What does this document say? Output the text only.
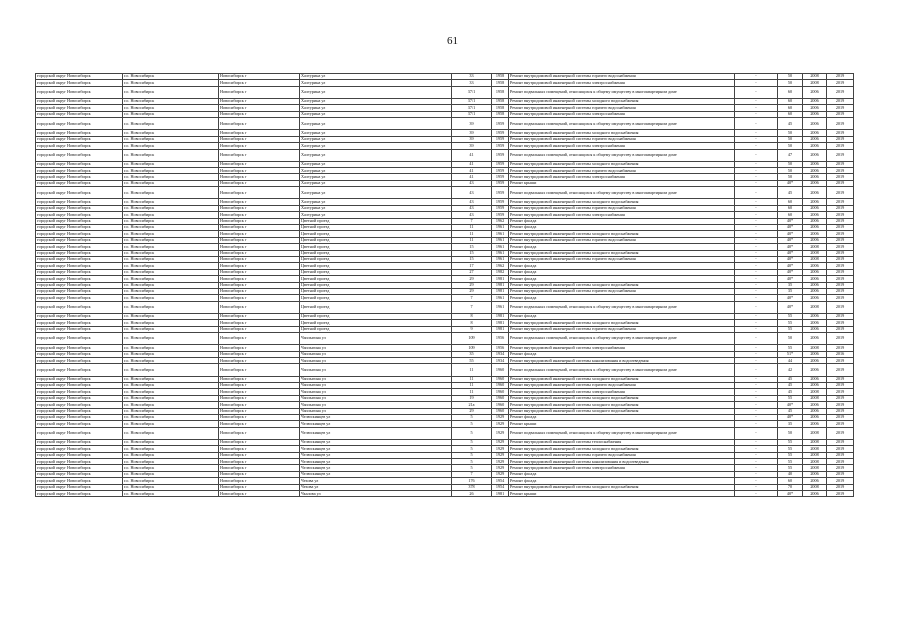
61
городской округ Новосибирск	г.о. Новосибирск	Новосибирск г	Халтурина ул	33	1958	Ремонт внутридомовой инженерной системы горячего водоснабжения	-	50	2008	2019
городской округ Новосибирск	г.о. Новосибирск	Новосибирск г	Халтурина ул	33	1958	Ремонт внутридомовой инженерной системы электроснабжения	-	50	2008	2019
городской округ Новосибирск	г.о. Новосибирск	Новосибирск г	Халтурина ул	37/1	1958	Ремонт подвальных помещений, относящихся к общему имуществу в многоквартирном доме	-	60	2006	2019
городской округ Новосибирск	г.о. Новосибирск	Новосибирск г	Халтурина ул	37/1	1958	Ремонт внутридомовой инженерной системы холодного водоснабжения	-	60	2006	2019
городской округ Новосибирск	г.о. Новосибирск	Новосибирск г	Халтурина ул	37/1	1958	Ремонт внутридомовой инженерной системы горячего водоснабжения	-	60	2006	2019
городской округ Новосибирск	г.о. Новосибирск	Новосибирск г	Халтурина ул	37/1	1958	Ремонт внутридомовой инженерной системы электроснабжения	-	60	2006	2019
городской округ Новосибирск	г.о. Новосибирск	Новосибирск г	Халтурина ул	39	1959	Ремонт подвальных помещений, относящихся к общему имуществу в многоквартирном доме	-	45	2006	2019
городской округ Новосибирск	г.о. Новосибирск	Новосибирск г	Халтурина ул	39	1959	Ремонт внутридомовой инженерной системы холодного водоснабжения	-	50	2006	2019
городской округ Новосибирск	г.о. Новосибирск	Новосибирск г	Халтурина ул	39	1959	Ремонт внутридомовой инженерной системы горячего водоснабжения	-	50	2006	2019
городской округ Новосибирск	г.о. Новосибирск	Новосибирск г	Халтурина ул	39	1959	Ремонт внутридомовой инженерной системы электроснабжения	-	50	2006	2019
городской округ Новосибирск	г.о. Новосибирск	Новосибирск г	Халтурина ул	41	1959	Ремонт подвальных помещений, относящихся к общему имуществу в многоквартирном доме	-	47	2006	2019
городской округ Новосибирск	г.о. Новосибирск	Новосибирск г	Халтурина ул	41	1959	Ремонт внутридомовой инженерной системы холодного водоснабжения	-	50	2006	2019
городской округ Новосибирск	г.о. Новосибирск	Новосибирск г	Халтурина ул	41	1959	Ремонт внутридомовой инженерной системы горячего водоснабжения	-	50	2006	2019
городской округ Новосибирск	г.о. Новосибирск	Новосибирск г	Халтурина ул	41	1959	Ремонт внутридомовой инженерной системы электроснабжения	-	50	2006	2019
городской округ Новосибирск	г.о. Новосибирск	Новосибирск г	Халтурина ул	43	1959	Ремонт крыши	-	40*	2006	2019
городской округ Новосибирск	г.о. Новосибирск	Новосибирск г	Халтурина ул	43	1959	Ремонт подвальных помещений, относящихся к общему имуществу в многоквартирном доме	-	45	2006	2019
городской округ Новосибирск	г.о. Новосибирск	Новосибирск г	Халтурина ул	43	1959	Ремонт внутридомовой инженерной системы холодного водоснабжения	-	60	2006	2019
городской округ Новосибирск	г.о. Новосибирск	Новосибирск г	Халтурина ул	43	1959	Ремонт внутридомовой инженерной системы горячего водоснабжения	-	60	2006	2019
городской округ Новосибирск	г.о. Новосибирск	Новосибирск г	Халтурина ул	43	1959	Ремонт внутридомовой инженерной системы электроснабжения	-	60	2006	2019
городской округ Новосибирск	г.о. Новосибирск	Новосибирск г	Цветной проезд	7	1962	Ремонт фасада	-	40*	2006	2019
городской округ Новосибирск	г.о. Новосибирск	Новосибирск г	Цветной проезд	11	1961	Ремонт фасада	-	40*	2006	2019
городской округ Новосибирск	г.о. Новосибирск	Новосибирск г	Цветной проезд	11	1961	Ремонт внутридомовой инженерной системы холодного водоснабжения	-	40*	2006	2019
городской округ Новосибирск	г.о. Новосибирск	Новосибирск г	Цветной проезд	11	1961	Ремонт внутридомовой инженерной системы горячего водоснабжения	-	40*	2006	2019
городской округ Новосибирск	г.о. Новосибирск	Новосибирск г	Цветной проезд	15	1961	Ремонт фасада	-	40*	2008	2019
городской округ Новосибирск	г.о. Новосибирск	Новосибирск г	Цветной проезд	15	1961	Ремонт внутридомовой инженерной системы холодного водоснабжения	-	40*	2008	2019
городской округ Новосибирск	г.о. Новосибирск	Новосибирск г	Цветной проезд	15	1961	Ремонт внутридомовой инженерной системы горячего водоснабжения	-	40*	2008	2019
городской округ Новосибирск	г.о. Новосибирск	Новосибирск г	Цветной проезд	17	1962	Ремонт фасада	-	40*	2006	2019
городской округ Новосибирск	г.о. Новосибирск	Новосибирск г	Цветной проезд	27	1982	Ремонт фасада	-	40*	2006	2019
городской округ Новосибирск	г.о. Новосибирск	Новосибирск г	Цветной проезд	29	1981	Ремонт фасада	-	40*	2006	2019
городской округ Новосибирск	г.о. Новосибирск	Новосибирск г	Цветной проезд	29	1981	Ремонт внутридомовой инженерной системы холодного водоснабжения	-	35	2006	2019
городской округ Новосибирск	г.о. Новосибирск	Новосибирск г	Цветной проезд	29	1981	Ремонт внутридомовой инженерной системы горячего водоснабжения	-	35	2006	2019
городской округ Новосибирск	г.о. Новосибирск	Новосибирск г	Цветной проезд	7	1961	Ремонт фасада	-	40*	2006	2019
городской округ Новосибирск	г.о. Новосибирск	Новосибирск г	Цветной проезд	7	1961	Ремонт подвальных помещений, относящихся к общему имуществу в многоквартирном доме	-	40*	2008	2019
городской округ Новосибирск	г.о. Новосибирск	Новосибирск г	Цветной проезд	8	1981	Ремонт фасада	-	55	2006	2019
городской округ Новосибирск	г.о. Новосибирск	Новосибирск г	Цветной проезд	8	1981	Ремонт внутридомовой инженерной системы холодного водоснабжения	-	55	2006	2019
городской округ Новосибирск	г.о. Новосибирск	Новосибирск г	Цветной проезд	9	1981	Ремонт внутридомовой инженерной системы горячего водоснабжения	-	55	2006	2019
городской округ Новосибирск	г.о. Новосибирск	Новосибирск г	Чаплыгина ул	109	1956	Ремонт подвальных помещений, относящихся к общему имуществу в многоквартирном доме	-	50	2006	2019
городской округ Новосибирск	г.о. Новосибирск	Новосибирск г	Чаплыгина ул	109	1956	Ремонт внутридомовой инженерной системы электроснабжения	-	55	2008	2019
городской округ Новосибирск	г.о. Новосибирск	Новосибирск г	Чаплыгина ул	35	1934	Ремонт фасада	-	51*	2006	2016
городской округ Новосибирск	г.о. Новосибирск	Новосибирск г	Чаплыгина ул	55	1934	Ремонт внутридомовой инженерной системы канализования и водоотведения	-	44	2006	2019
городской округ Новосибирск	г.о. Новосибирск	Новосибирск г	Чаплыгина ул	11	1960	Ремонт подвальных помещений, относящихся к общему имуществу в многоквартирном доме	-	42	2006	2019
городской округ Новосибирск	г.о. Новосибирск	Новосибирск г	Чаплыгина ул	11	1960	Ремонт внутридомовой инженерной системы холодного водоснабжения	-	45	2006	2019
городской округ Новосибирск	г.о. Новосибирск	Новосибирск г	Чаплыгина ул	11	1960	Ремонт внутридомовой инженерной системы горячего водоснабжения	-	45	2006	2019
городской округ Новосибирск	г.о. Новосибирск	Новосибирск г	Чаплыгина ул	11	1960	Ремонт внутридомовой инженерной системы электроснабжения	-	45	2008	2019
городской округ Новосибирск	г.о. Новосибирск	Новосибирск г	Чаплыгина ул	19	1960	Ремонт внутридомовой инженерной системы холодного водоснабжения	-	55	2008	2019
городской округ Новосибирск	г.о. Новосибирск	Новосибирск г	Чаплыгина ул	21а	1960	Ремонт внутридомовой инженерной системы холодного водоснабжения	-	40*	2006	2019
городской округ Новосибирск	г.о. Новосибирск	Новосибирск г	Чаплыгина ул	29	1960	Ремонт внутридомовой инженерной системы холодного водоснабжения	-	45	2006	2019
городской округ Новосибирск	г.о. Новосибирск	Новосибирск г	Челюскинцев ул	5	1929	Ремонт фасада	-	40*	2006	2019
городской округ Новосибирск	г.о. Новосибирск	Новосибирск г	Челюскинцев ул	5	1929	Ремонт крыши	-	35	2006	2019
городской округ Новосибирск	г.о. Новосибирск	Новосибирск г	Челюскинцев ул	5	1929	Ремонт подвальных помещений, относящихся к общему имуществу в многоквартирном доме	-	50	2008	2019
городской округ Новосибирск	г.о. Новосибирск	Новосибирск г	Челюскинцев ул	5	1929	Ремонт внутридомовой инженерной системы теплоснабжения	-	55	2008	2019
городской округ Новосибирск	г.о. Новосибирск	Новосибирск г	Челюскинцев ул	5	1929	Ремонт внутридомовой инженерной системы холодного водоснабжения	-	55	2008	2019
городской округ Новосибирск	г.о. Новосибирск	Новосибирск г	Челюскинцев ул	5	1929	Ремонт внутридомовой инженерной системы горячего водоснабжения	-	55	2008	2019
городской округ Новосибирск	г.о. Новосибирск	Новосибирск г	Челюскинцев ул	5	1929	Ремонт внутридомовой инженерной системы канализования и водоотведения	-	55	2008	2019
городской округ Новосибирск	г.о. Новосибирск	Новосибирск г	Челюскинцев ул	5	1929	Ремонт внутридомовой инженерной системы электроснабжения	-	55	2008	2019
городской округ Новосибирск	г.о. Новосибирск	Новосибирск г	Челюскинцев ул	7	1929	Ремонт фасада	-	40	2006	2019
городской округ Новосибирск	г.о. Новосибирск	Новосибирск г	Чехова ул	176	1954	Ремонт фасада	-	60	2006	2019
городской округ Новосибирск	г.о. Новосибирск	Новосибирск г	Чехова ул	378	1954	Ремонт внутридомовой инженерной системы холодного водоснабжения	-	70	2008	2019
городской округ Новосибирск	г.о. Новосибирск	Новосибирск г	Чкалова ул	26	1981	Ремонт крыши	-	40*	2006	2019
